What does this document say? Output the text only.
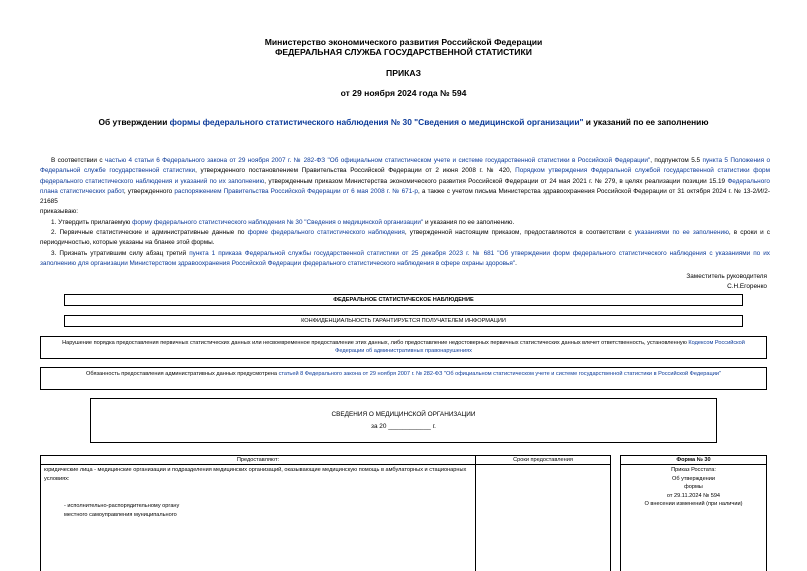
Министерство экономического развития Российской Федерации
ФЕДЕРАЛЬНАЯ СЛУЖБА ГОСУДАРСТВЕННОЙ СТАТИСТИКИ
ПРИКАЗ
от 29 ноября 2024 года № 594
Об утверждении формы федерального статистического наблюдения № 30 "Сведения о медицинской организации" и указаний по ее заполнению

В соответствии с частью 4 статьи 6 Федерального закона от 29 ноября 2007 г. № 282-ФЗ "Об официальном статистическом учете и системе государственной статистики в Российской Федерации", подпунктом 5.5 пункта 5 Положения о Федеральной службе государственной статистики, утвержденного постановлением Правительства Российской Федерации от 2 июня 2008 г. № 420, Порядком утверждения Федеральной службой государственной статистики форм федерального статистического наблюдения и указаний по их заполнению, утвержденным приказом Министерства экономического развития Российской Федерации от 24 мая 2021 г. № 279, в целях реализации позиции 15.19 Федерального плана статистических работ, утвержденного распоряжением Правительства Российской Федерации от 6 мая 2008 г. № 671-р, а также с учетом письма Министерства здравоохранения Российской Федерации от 31 октября 2024 г. № 13-2/И/2-21685

приказываю:

1. Утвердить прилагаемую форму федерального статистического наблюдения № 30 "Сведения о медицинской организации" и указания по ее заполнению.

2. Первичные статистические и административные данные по форме федерального статистического наблюдения, утвержденной настоящим приказом, предоставляются в соответствии с указаниями по ее заполнению, в сроки и с периодичностью, которые указаны на бланке этой формы.

3. Признать утратившим силу абзац третий пункта 1 приказа Федеральной службы государственной статистики от 25 декабря 2023 г. № 681 "Об утверждении форм федерального статистического наблюдения с указаниями по их заполнению для организации Министерством здравоохранения Российской Федерации федерального статистического наблюдения в сфере охраны здоровья".

Заместитель руководителя
С.Н.Егоренко
ФЕДЕРАЛЬНОЕ СТАТИСТИЧЕСКОЕ НАБЛЮДЕНИЕ
КОНФИДЕНЦИАЛЬНОСТЬ ГАРАНТИРУЕТСЯ ПОЛУЧАТЕЛЕМ ИНФОРМАЦИИ
Нарушение порядка предоставления первичных статистических данных или несвоевременное предоставление этих данных, либо предоставление недостоверных первичных статистических данных влечет ответственность, установленную Кодексом Российской Федерации об административных правонарушениях
Обязанность предоставления административных данных предусмотрена статьей 8 Федерального закона от 29 ноября 2007 г. № 282-ФЗ "Об официальном статистическом учете и системе государственной статистики в Российской Федерации"
СВЕДЕНИЯ О МЕДИЦИНСКОЙ ОРГАНИЗАЦИИ
за 20 ____________ г.
Предоставляют:	Сроки предоставления	Форма № 30
юридические лица - медицинские организации и подразделения медицинских организаций, оказывающие медицинскую помощь в амбулаторных и стационарных условиях:
- исполнительно-распорядительному органу
местного самоуправления муниципального
Приказ Росстата:
Об утверждении
формы
от 29.11.2024 № 594
О внесении изменений (при наличии)
